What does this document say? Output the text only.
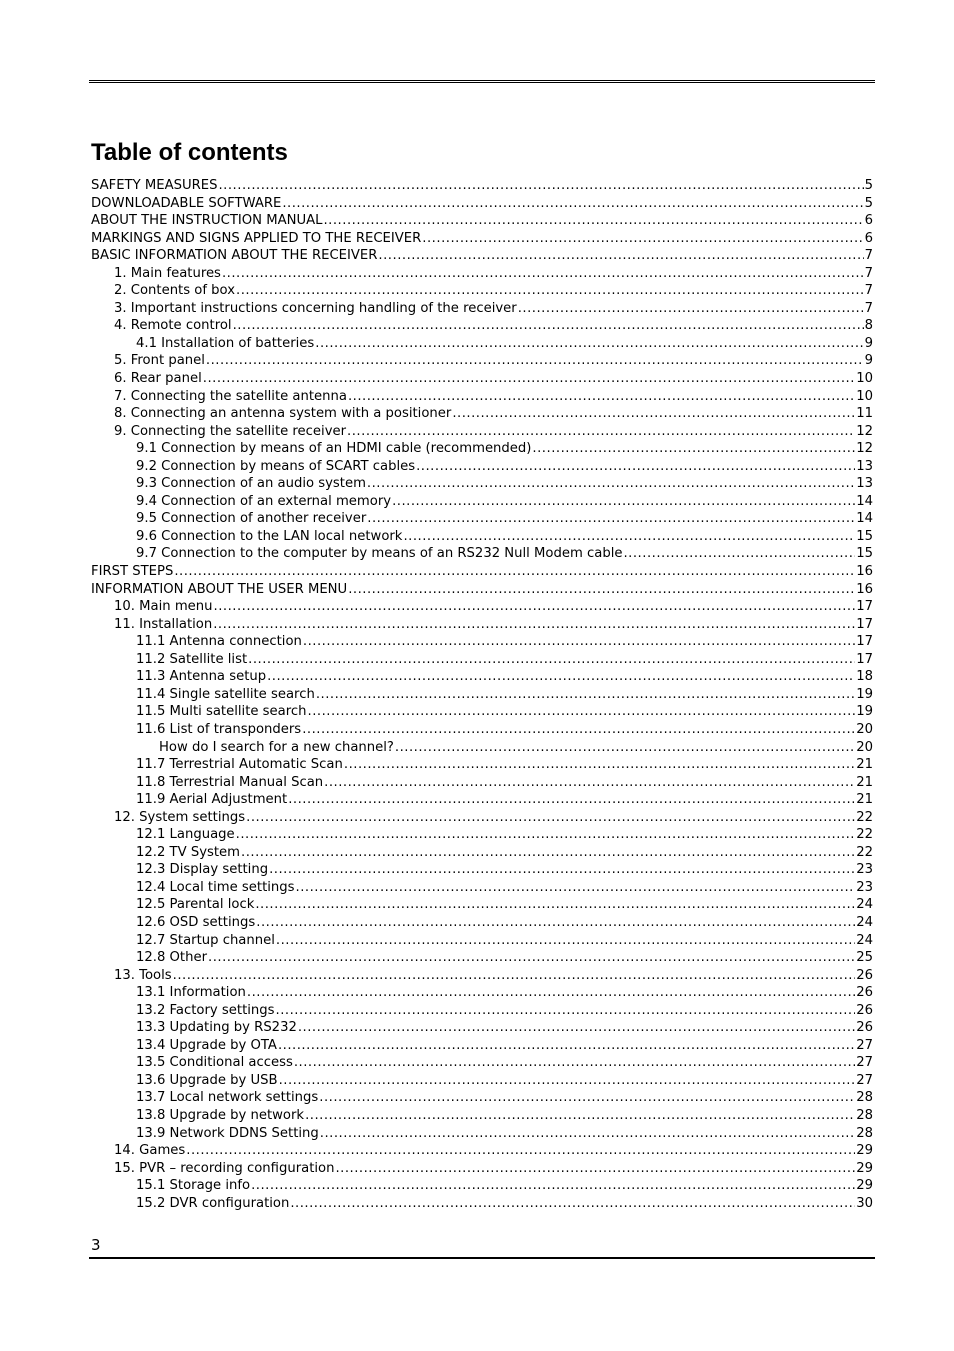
Table of contents
SAFETY MEASURES .....	5
DOWNLOADABLE SOFTWARE .....	5
ABOUT THE INSTRUCTION MANUAL .....	6
MARKINGS AND SIGNS APPLIED TO THE RECEIVER .....	6
BASIC INFORMATION ABOUT THE RECEIVER .....	7
1. Main features .....	7
2. Contents of box .....	7
3. Important instructions concerning handling of the receiver .....	7
4. Remote control .....	8
4.1 Installation of batteries .....	9
5. Front panel .....	9
6. Rear panel .....	10
7. Connecting the satellite antenna .....	10
8. Connecting an antenna system with a positioner .....	11
9. Connecting the satellite receiver .....	12
9.1 Connection by means of an HDMI cable (recommended) .....	12
9.2 Connection by means of SCART cables .....	13
9.3 Connection of an audio system .....	13
9.4 Connection of an external memory .....	14
9.5 Connection of another receiver .....	14
9.6 Connection to the LAN local network .....	15
9.7 Connection to the computer by means of an RS232 Null Modem cable .....	15
FIRST STEPS .....	16
INFORMATION ABOUT THE USER MENU .....	16
10. Main menu .....	17
11. Installation .....	17
11.1 Antenna connection .....	17
11.2 Satellite list .....	17
11.3 Antenna setup .....	18
11.4 Single satellite search .....	19
11.5 Multi satellite search .....	19
11.6 List of transponders .....	20
How do I search for a new channel? .....	20
11.7 Terrestrial Automatic Scan .....	21
11.8 Terrestrial Manual Scan .....	21
11.9 Aerial Adjustment .....	21
12. System settings .....	22
12.1 Language .....	22
12.2 TV System .....	22
12.3 Display setting .....	23
12.4 Local time settings .....	23
12.5 Parental lock .....	24
12.6 OSD settings .....	24
12.7 Startup channel .....	24
12.8 Other .....	25
13. Tools .....	26
13.1 Information .....	26
13.2 Factory settings .....	26
13.3 Updating by RS232 .....	26
13.4 Upgrade by OTA .....	27
13.5 Conditional access .....	27
13.6 Upgrade by USB .....	27
13.7 Local network settings .....	28
13.8 Upgrade by network .....	28
13.9 Network DDNS Setting .....	28
14. Games .....	29
15. PVR – recording configuration .....	29
15.1 Storage info .....	29
15.2 DVR configuration .....	30
3
